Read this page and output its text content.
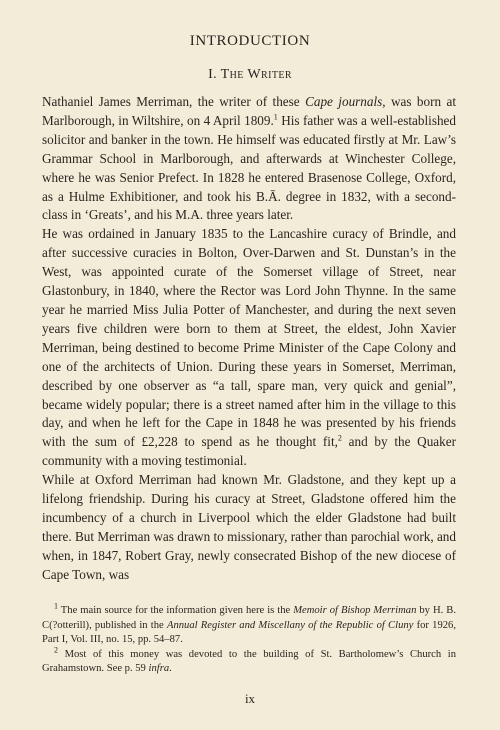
INTRODUCTION
I. The Writer

Nathaniel James Merriman, the writer of these Cape journals, was born at Marlborough, in Wiltshire, on 4 April 1809.$^1$ His father was a well-established solicitor and banker in the town. He himself was educated firstly at Mr. Law’s Grammar School in Marlborough, and afterwards at Winchester College, where he was Senior Prefect. In 1828 he entered Brasenose College, Oxford, as a Hulme Exhibitioner, and took his B.Ā. degree in 1832, with a second-class in ‘Greats’, and his M.A. three years later.

He was ordained in January 1835 to the Lancashire curacy of Brindle, and after successive curacies in Bolton, Over-Darwen and St. Dunstan’s in the West, was appointed curate of the Somerset village of Street, near Glastonbury, in 1840, where the Rector was Lord John Thynne. In the same year he married Miss Julia Potter of Manchester, and during the next seven years five children were born to them at Street, the eldest, John Xavier Merriman, being destined to become Prime Minister of the Cape Colony and one of the architects of Union. During these years in Somerset, Merriman, described by one observer as “a tall, spare man, very quick and genial”, became widely popular; there is a street named after him in the village to this day, and when he left for the Cape in 1848 he was presented by his friends with the sum of £2,228 to spend as he thought fit,$^2$ and by the Quaker community with a moving testimonial.

While at Oxford Merriman had known Mr. Gladstone, and they kept up a lifelong friendship. During his curacy at Street, Gladstone offered him the incumbency of a church in Liverpool which the elder Gladstone had built there. But Merriman was drawn to missionary, rather than parochial work, and when, in 1847, Robert Gray, newly consecrated Bishop of the new diocese of Cape Town, was

$^1$ The main source for the information given here is the Memoir of Bishop Merriman by H. B. C(?otterill), published in the Annual Register and Miscellany of the Republic of Cluny for 1926, Part I, Vol. III, no. 15, pp. 54–87.

$^2$ Most of this money was devoted to the building of St. Bartholomew’s Church in Grahamstown. See p. 59 infra.

ix
